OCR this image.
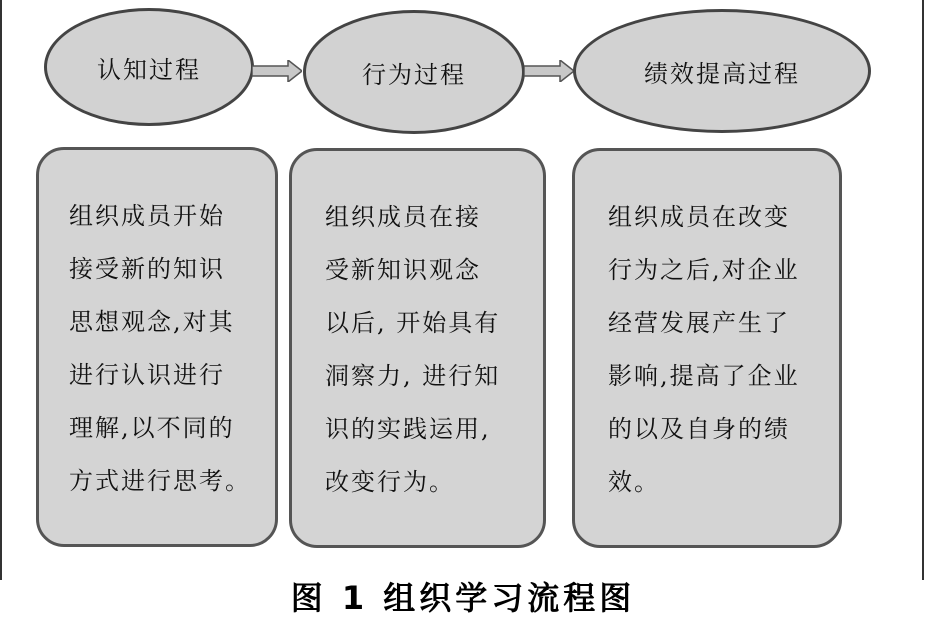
认知过程	行为过程	绩效提高过程
组织成员开始
接受新的知识
思想观念,对其
进行认识进行
理解,以不同的
方式进行思考。
组织成员在接
受新知识观念
以后, 开始具有
洞察力, 进行知
识的实践运用,
改变行为。
组织成员在改变
行为之后,对企业
经营发展产生了
影响,提高了企业
的以及自身的绩
效。
图 1 组织学习流程图
